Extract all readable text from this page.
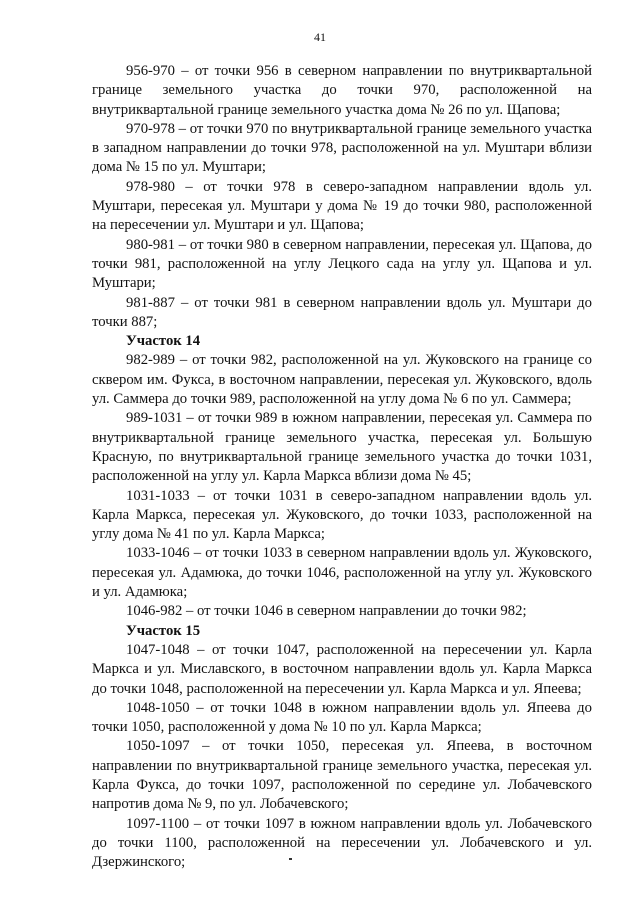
41

956-970 – от точки 956 в северном направлении по внутриквартальной границе земельного участка до точки 970, расположенной на внутриквартальной границе земельного участка дома № 26 по ул. Щапова;

970-978 – от точки 970 по внутриквартальной границе земельного участка в западном направлении до точки 978, расположенной на ул. Муштари вблизи дома № 15 по ул. Муштари;

978-980 – от точки 978 в северо-западном направлении вдоль ул. Муштари, пересекая ул. Муштари у дома № 19 до точки 980, расположенной на пересечении ул. Муштари и ул. Щапова;

980-981 – от точки 980 в северном направлении, пересекая ул. Щапова, до точки 981, расположенной на углу Лецкого сада на углу ул. Щапова и ул. Муштари;

981-887 – от точки 981 в северном направлении вдоль ул. Муштари до точки 887;

Участок 14

982-989 – от точки 982, расположенной на ул. Жуковского на границе со сквером им. Фукса, в восточном направлении, пересекая ул. Жуковского, вдоль ул. Саммера до точки 989, расположенной на углу дома № 6 по ул. Саммера;

989-1031 – от точки 989 в южном направлении, пересекая ул. Саммера по внутриквартальной границе земельного участка, пересекая ул. Большую Красную, по внутриквартальной границе земельного участка до точки 1031, расположенной на углу ул. Карла Маркса вблизи дома № 45;

1031-1033 – от точки 1031 в северо-западном направлении вдоль ул. Карла Маркса, пересекая ул. Жуковского, до точки 1033, расположенной на углу дома № 41 по ул. Карла Маркса;

1033-1046 – от точки 1033 в северном направлении вдоль ул. Жуковского, пересекая ул. Адамюка, до точки 1046, расположенной на углу ул. Жуковского и ул. Адамюка;

1046-982 – от точки 1046 в северном направлении до точки 982;

Участок 15

1047-1048 – от точки 1047, расположенной на пересечении ул. Карла Маркса и ул. Миславского, в восточном направлении вдоль ул. Карла Маркса до точки 1048, расположенной на пересечении ул. Карла Маркса и ул. Япеева;

1048-1050 – от точки 1048 в южном направлении вдоль ул. Япеева до точки 1050, расположенной у дома № 10 по ул. Карла Маркса;

1050-1097 – от точки 1050, пересекая ул. Япеева, в восточном направлении по внутриквартальной границе земельного участка, пересекая ул. Карла Фукса, до точки 1097, расположенной по середине ул. Лобачевского напротив дома № 9, по ул. Лобачевского;

1097-1100 – от точки 1097 в южном направлении вдоль ул. Лобачевского до точки 1100, расположенной на пересечении ул. Лобачевского и ул. Дзержинского;
